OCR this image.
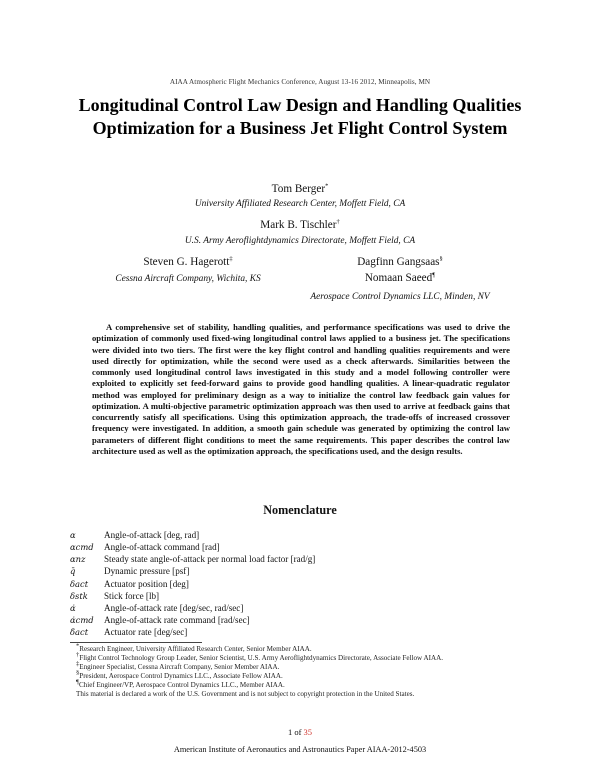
AIAA Atmospheric Flight Mechanics Conference, August 13-16 2012, Minneapolis, MN
Longitudinal Control Law Design and Handling Qualities Optimization for a Business Jet Flight Control System
Tom Berger*
University Affiliated Research Center, Moffett Field, CA
Mark B. Tischler†
U.S. Army Aeroflightdynamics Directorate, Moffett Field, CA
Steven G. Hagerott‡
Cessna Aircraft Company, Wichita, KS
Dagfinn Gangsaas§
Nomaan Saeed¶
Aerospace Control Dynamics LLC, Minden, NV
A comprehensive set of stability, handling qualities, and performance specifications was used to drive the optimization of commonly used fixed-wing longitudinal control laws applied to a business jet. The specifications were divided into two tiers. The first were the key flight control and handling qualities requirements and were used directly for optimization, while the second were used as a check afterwards. Similarities between the commonly used longitudinal control laws investigated in this study and a model following controller were exploited to explicitly set feed-forward gains to provide good handling qualities. A linear-quadratic regulator method was employed for preliminary design as a way to initialize the control law feedback gain values for optimization. A multi-objective parametric optimization approach was then used to arrive at feedback gains that concurrently satisfy all specifications. Using this optimization approach, the trade-offs of increased crossover frequency were investigated. In addition, a smooth gain schedule was generated by optimizing the control law parameters of different flight conditions to meet the same requirements. This paper describes the control law architecture used as well as the optimization approach, the specifications used, and the design results.
Nomenclature
α	Angle-of-attack [deg, rad]
αcmd	Angle-of-attack command [rad]
αnz	Steady state angle-of-attack per normal load factor [rad/g]
q̄	Dynamic pressure [psf]
δact	Actuator position [deg]
δstk	Stick force [lb]
α̇	Angle-of-attack rate [deg/sec, rad/sec]
α̇cmd	Angle-of-attack rate command [rad/sec]
δ̇act	Actuator rate [deg/sec]
*Research Engineer, University Affiliated Research Center, Senior Member AIAA.
†Flight Control Technology Group Leader, Senior Scientist, U.S. Army Aeroflightdynamics Directorate, Associate Fellow AIAA.
‡Engineer Specialist, Cessna Aircraft Company, Senior Member AIAA.
§President, Aerospace Control Dynamics LLC., Associate Fellow AIAA.
¶Chief Engineer/VP, Aerospace Control Dynamics LLC., Member AIAA.
This material is declared a work of the U.S. Government and is not subject to copyright protection in the United States.
1 of 35
American Institute of Aeronautics and Astronautics Paper AIAA-2012-4503
